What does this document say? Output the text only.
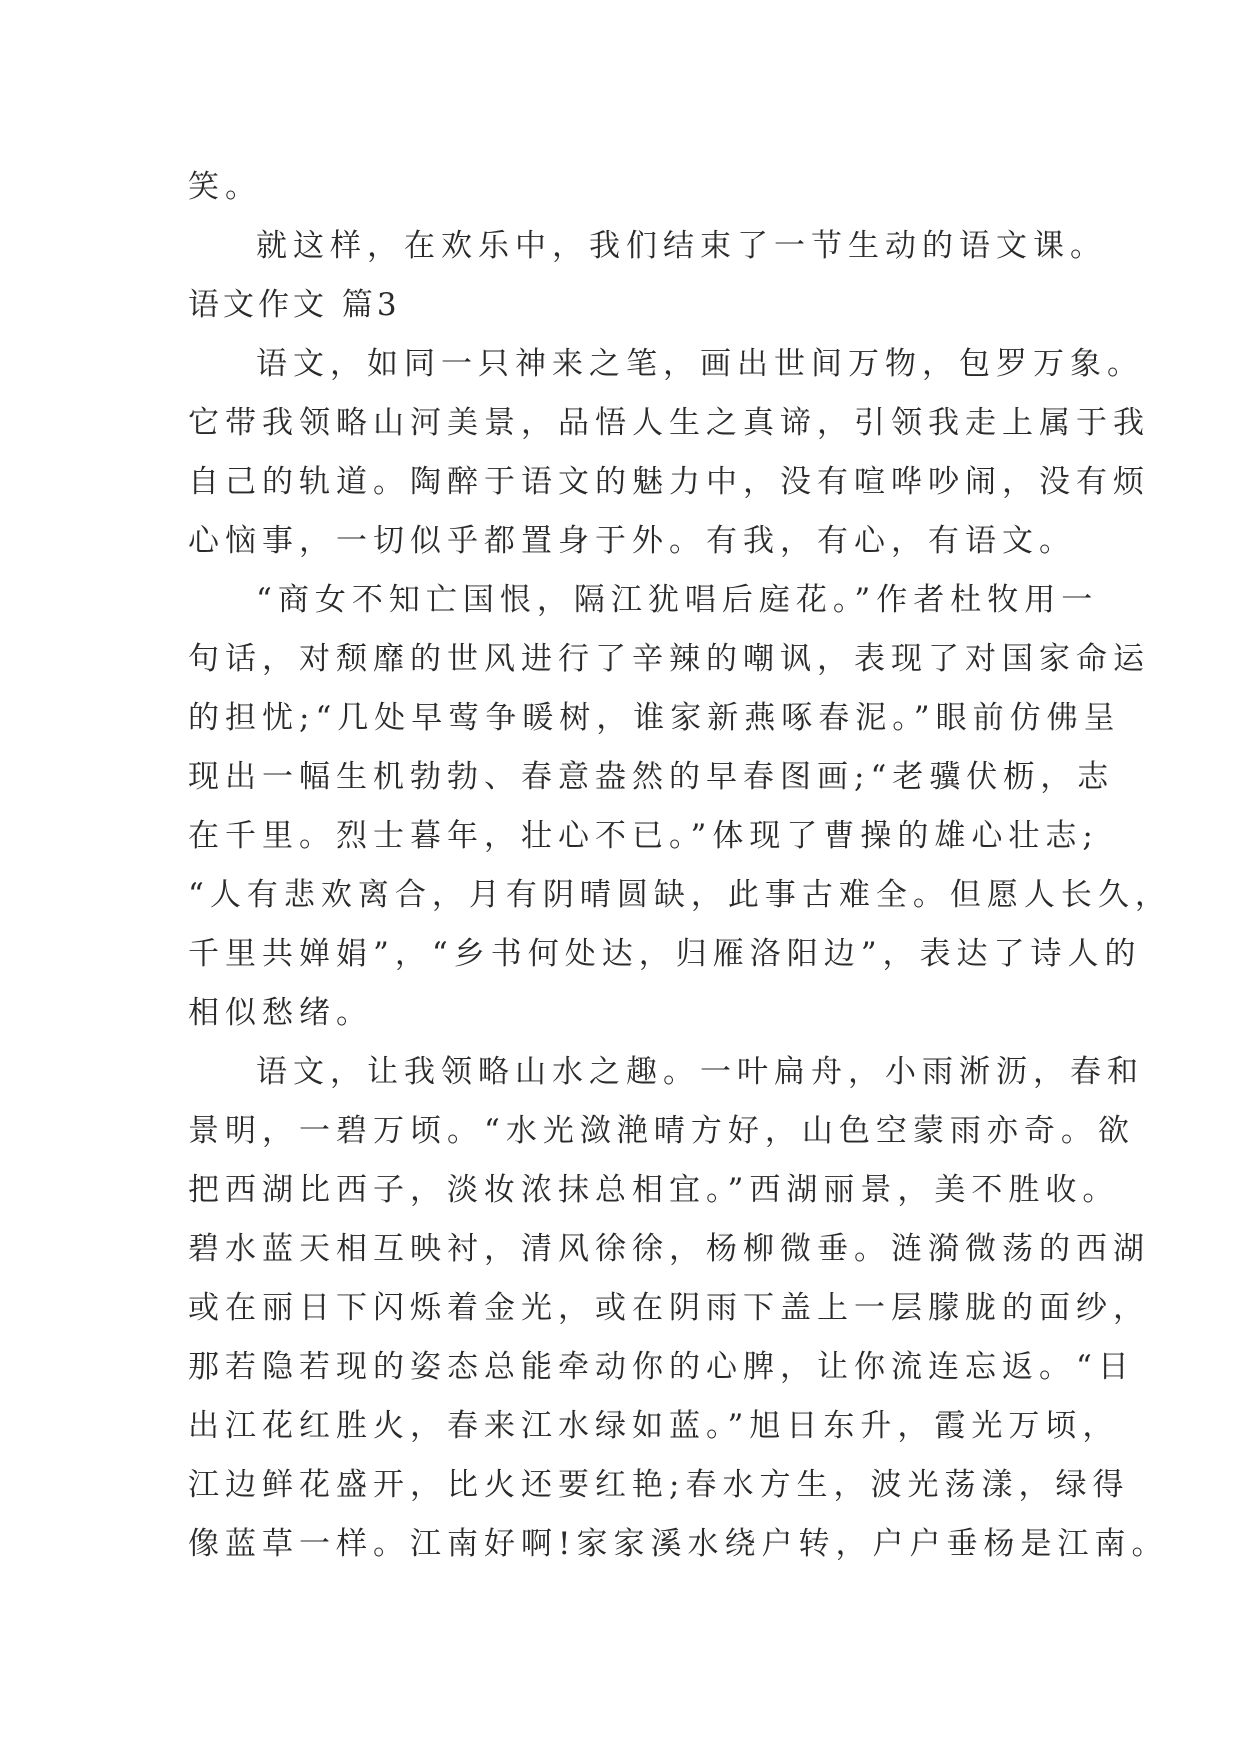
笑。
就这样，在欢乐中，我们结束了一节生动的语文课。
语文作文 篇3
语文，如同一只神来之笔，画出世间万物，包罗万象。
它带我领略山河美景，品悟人生之真谛，引领我走上属于我
自己的轨道。陶醉于语文的魅力中，没有喧哗吵闹，没有烦
心恼事，一切似乎都置身于外。有我，有心，有语文。
“商女不知亡国恨，隔江犹唱后庭花。”作者杜牧用一
句话，对颓靡的世风进行了辛辣的嘲讽，表现了对国家命运
的担忧;“几处早莺争暖树，谁家新燕啄春泥。”眼前仿佛呈
现出一幅生机勃勃、春意盎然的早春图画;“老骥伏枥，志
在千里。烈士暮年，壮心不已。”体现了曹操的雄心壮志;
“人有悲欢离合，月有阴晴圆缺，此事古难全。但愿人长久，
千里共婵娟”，“乡书何处达，归雁洛阳边”，表达了诗人的
相似愁绪。
语文，让我领略山水之趣。一叶扁舟，小雨淅沥，春和
景明，一碧万顷。“水光潋滟晴方好，山色空蒙雨亦奇。欲
把西湖比西子，淡妆浓抹总相宜。”西湖丽景，美不胜收。
碧水蓝天相互映衬，清风徐徐，杨柳微垂。涟漪微荡的西湖
或在丽日下闪烁着金光，或在阴雨下盖上一层朦胧的面纱，
那若隐若现的姿态总能牵动你的心脾，让你流连忘返。“日
出江花红胜火，春来江水绿如蓝。”旭日东升，霞光万顷，
江边鲜花盛开，比火还要红艳;春水方生，波光荡漾，绿得
像蓝草一样。江南好啊!家家溪水绕户转，户户垂杨是江南。
